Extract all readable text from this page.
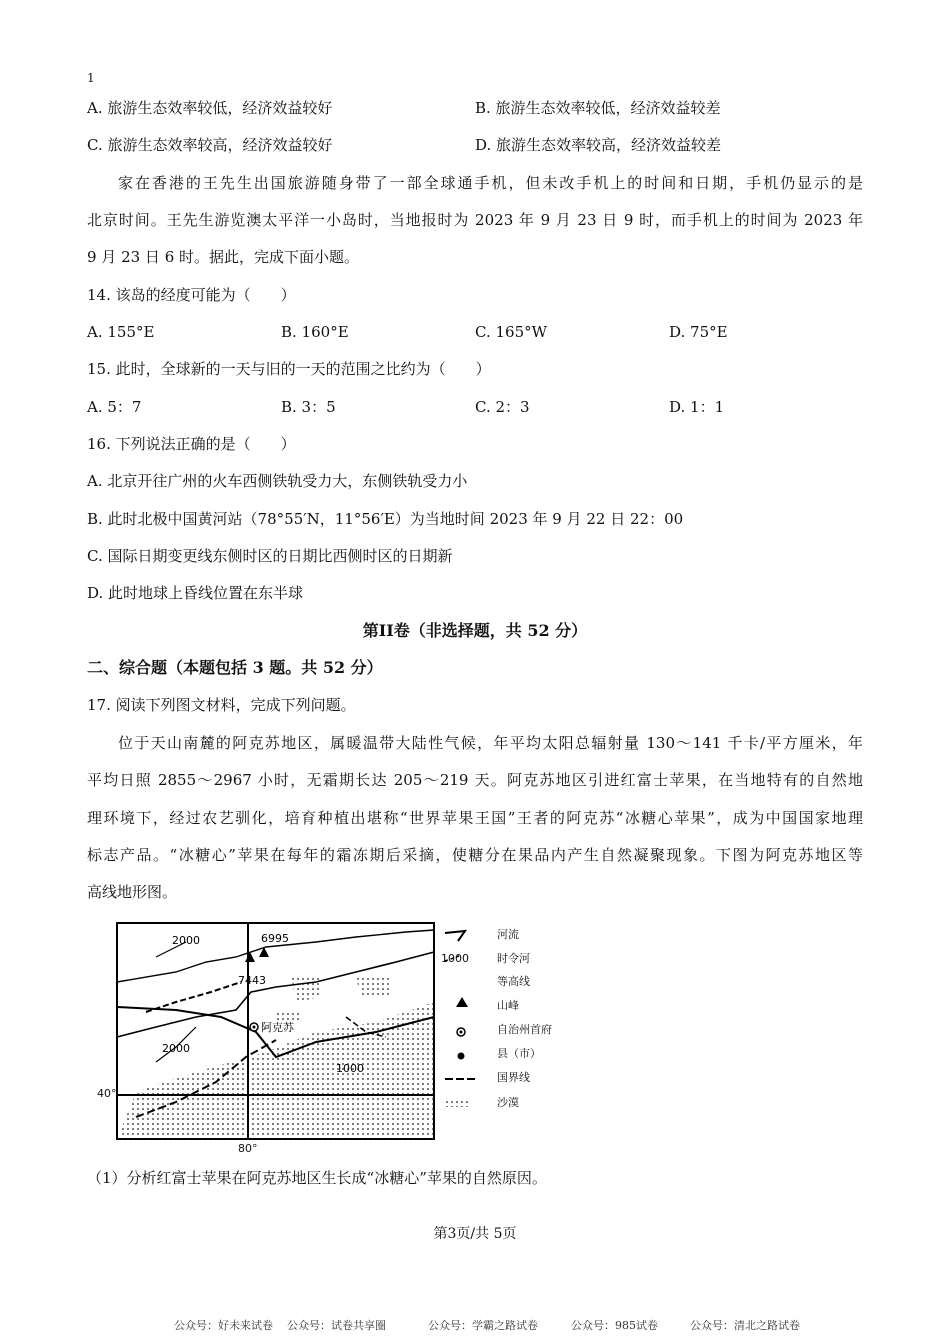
1
A. 旅游生态效率较低，经济效益较好	B. 旅游生态效率较低，经济效益较差
C. 旅游生态效率较高，经济效益较好	D. 旅游生态效率较高，经济效益较差
家在香港的王先生出国旅游随身带了一部全球通手机，但未改手机上的时间和日期，手机仍显示的是
北京时间。王先生游览澳太平洋一小岛时，当地报时为 2023 年 9 月 23 日 9 时，而手机上的时间为 2023 年
9 月 23 日 6 时。据此，完成下面小题。
14. 该岛的经度可能为（　　）
A. 155°E	B. 160°E	C. 165°W	D. 75°E
15. 此时，全球新的一天与旧的一天的范围之比约为（　　）
A. 5：7	B. 3：5	C. 2：3	D. 1：1
16. 下列说法正确的是（　　）
A. 北京开往广州的火车西侧铁轨受力大，东侧铁轨受力小
B. 此时北极中国黄河站（78°55′N，11°56′E）为当地时间 2023 年 9 月 22 日 22：00
C. 国际日期变更线东侧时区的日期比西侧时区的日期新
D. 此时地球上昏线位置在东半球
第II卷（非选择题，共 52 分）
二、综合题（本题包括 3 题。共 52 分）
17. 阅读下列图文材料，完成下列问题。
位于天山南麓的阿克苏地区，属暖温带大陆性气候，年平均太阳总辐射量 130～141 千卡/平方厘米，年
平均日照 2855～2967 小时，无霜期长达 205～219 天。阿克苏地区引进红富士苹果，在当地特有的自然地
理环境下，经过农艺驯化，培育种植出堪称“世界苹果王国”王者的阿克苏“冰糖心苹果”，成为中国国家地理
标志产品。“冰糖心”苹果在每年的霜冻期后采摘，使糖分在果品内产生自然凝聚现象。下图为阿克苏地区等
高线地形图。
2000
2000
1000
6995
7443
阿克苏
40°
80°
1000
河流
时令河
等高线
山峰
自治州首府
县（市）
国界线
沙漠
（1）分析红富士苹果在阿克苏地区生长成“冰糖心”苹果的自然原因。
第3页/共 5页
公众号：好未来试卷 公众号：试卷共享圈	公众号：学霸之路试卷	公众号：985试卷	公众号：清北之路试卷
